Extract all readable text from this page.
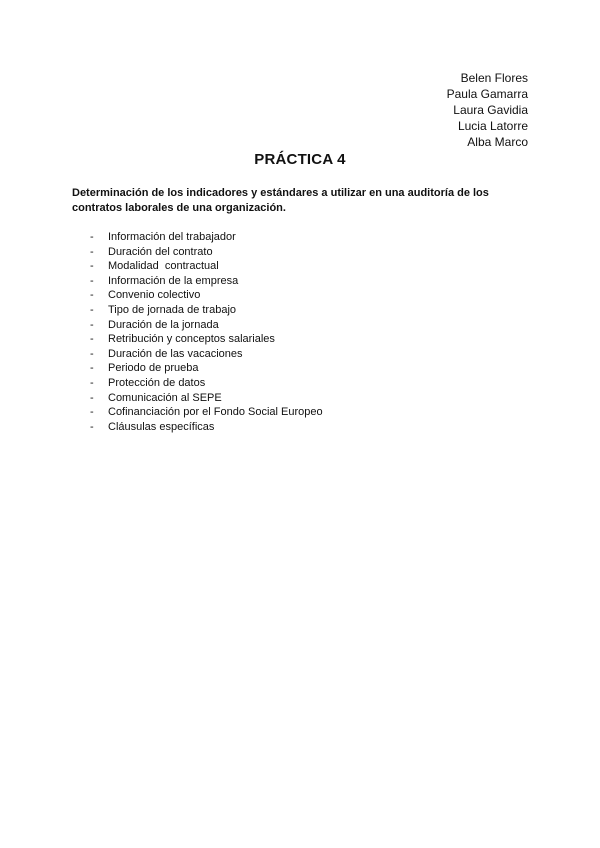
Belen Flores
Paula Gamarra
Laura Gavidia
Lucia Latorre
Alba Marco
PRÁCTICA 4
Determinación de los indicadores y estándares a utilizar en una auditoría de los contratos laborales de una organización.
- Información del trabajador
- Duración del contrato
- Modalidad  contractual
- Información de la empresa
- Convenio colectivo
- Tipo de jornada de trabajo
- Duración de la jornada
- Retribución y conceptos salariales
- Duración de las vacaciones
- Periodo de prueba
- Protección de datos
- Comunicación al SEPE
- Cofinanciación por el Fondo Social Europeo
- Cláusulas específicas
